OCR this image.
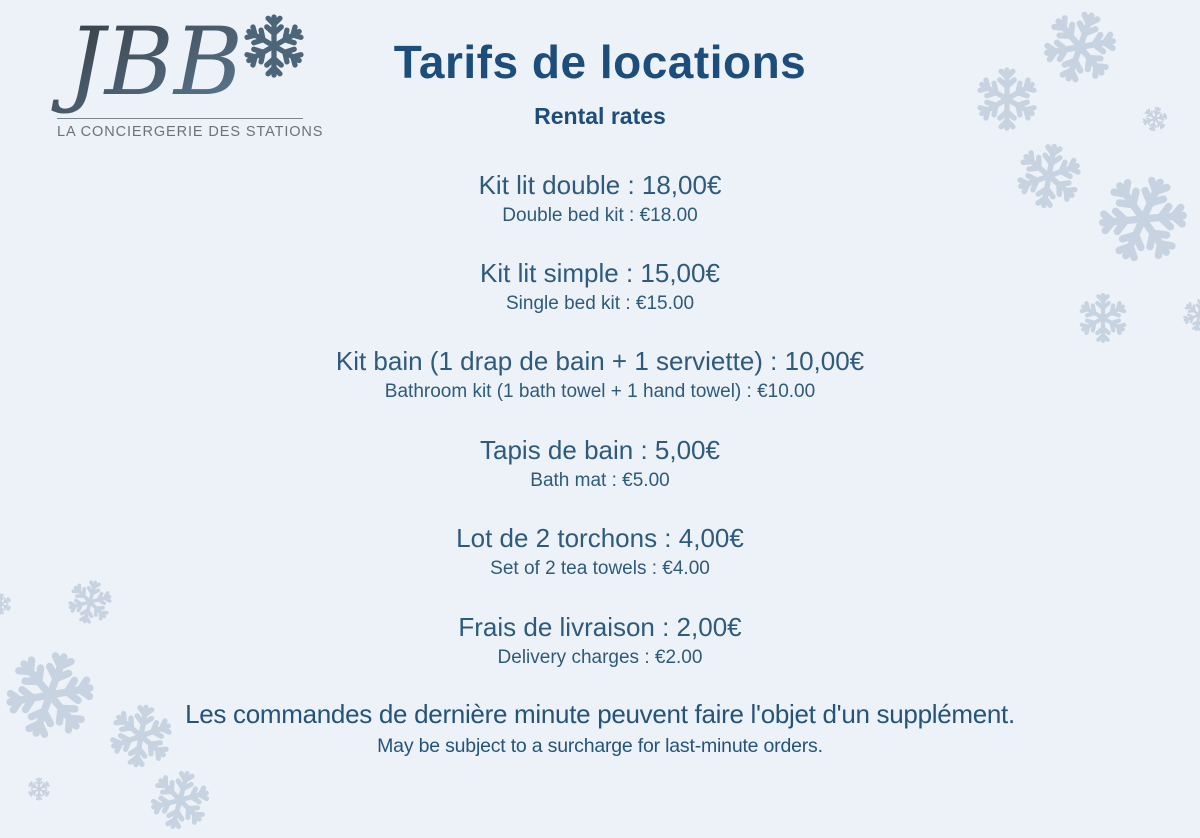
JBB
LA CONCIERGERIE DES STATIONS
Tarifs de locations
Rental rates
Kit lit double : 18,00€
Double bed kit : €18.00
Kit lit simple : 15,00€
Single bed kit : €15.00
Kit bain (1 drap de bain + 1 serviette) : 10,00€
Bathroom kit (1 bath towel + 1 hand towel) : €10.00
Tapis de bain : 5,00€
Bath mat : €5.00
Lot de 2 torchons : 4,00€
Set of 2 tea towels : €4.00
Frais de livraison : 2,00€
Delivery charges : €2.00
Les commandes de dernière minute peuvent faire l'objet d'un supplément.
May be subject to a surcharge for last-minute orders.
